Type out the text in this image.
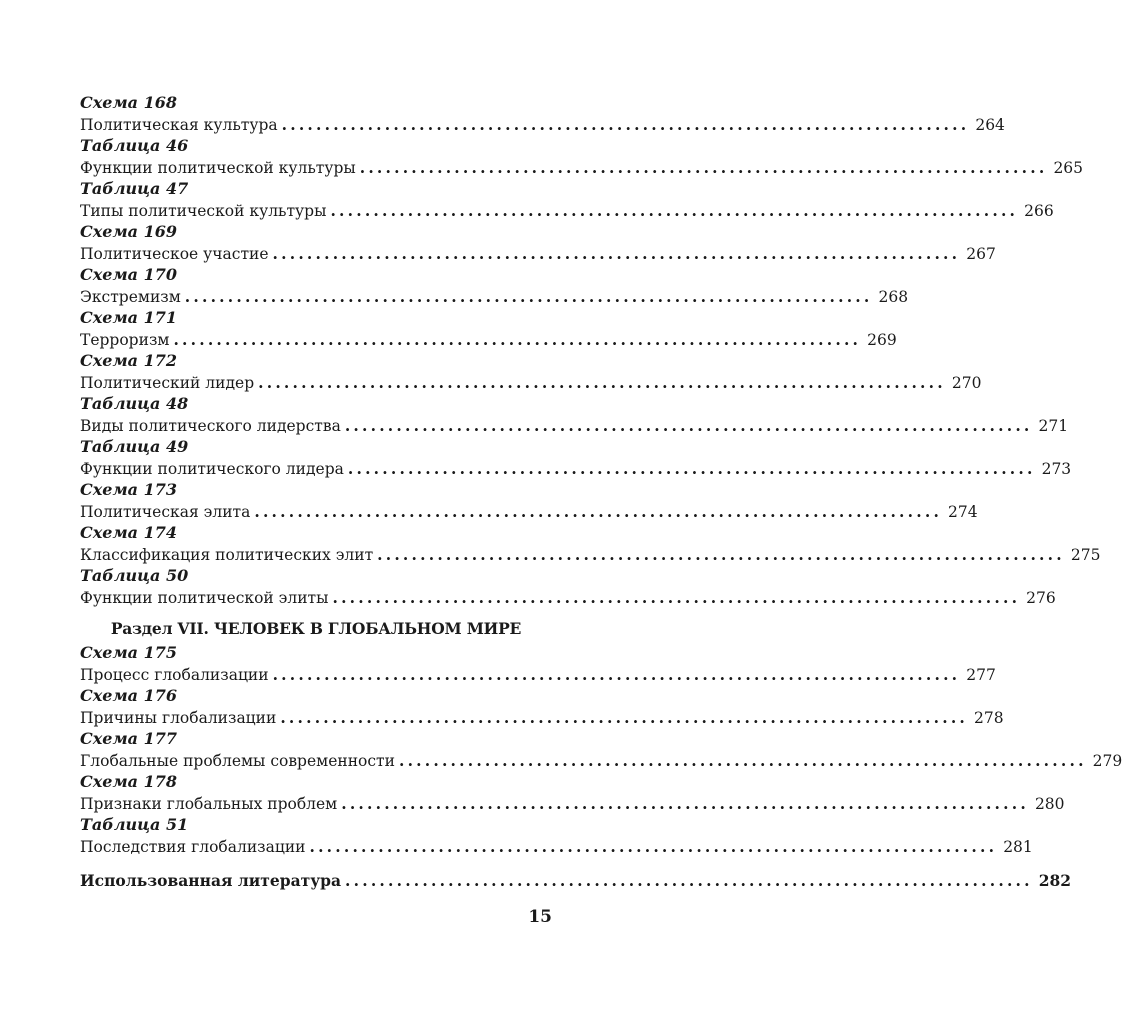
Схема 168
Политическая культура ................................................................................ 264
Таблица 46
Функции политической культуры ................................................................................ 265
Таблица 47
Типы политической культуры ................................................................................ 266
Схема 169
Политическое участие ................................................................................ 267
Схема 170
Экстремизм ................................................................................ 268
Схема 171
Терроризм ................................................................................ 269
Схема 172
Политический лидер ................................................................................ 270
Таблица 48
Виды политического лидерства ................................................................................ 271
Таблица 49
Функции политического лидера ................................................................................ 273
Схема 173
Политическая элита ................................................................................ 274
Схема 174
Классификация политических элит ................................................................................ 275
Таблица 50
Функции политической элиты ................................................................................ 276
Раздел VII. ЧЕЛОВЕК В ГЛОБАЛЬНОМ МИРЕ
Схема 175
Процесс глобализации ................................................................................ 277
Схема 176
Причины глобализации ................................................................................ 278
Схема 177
Глобальные проблемы современности ................................................................................ 279
Схема 178
Признаки глобальных проблем ................................................................................ 280
Таблица 51
Последствия глобализации ................................................................................ 281
Использованная литература ................................................................................ 282
15
